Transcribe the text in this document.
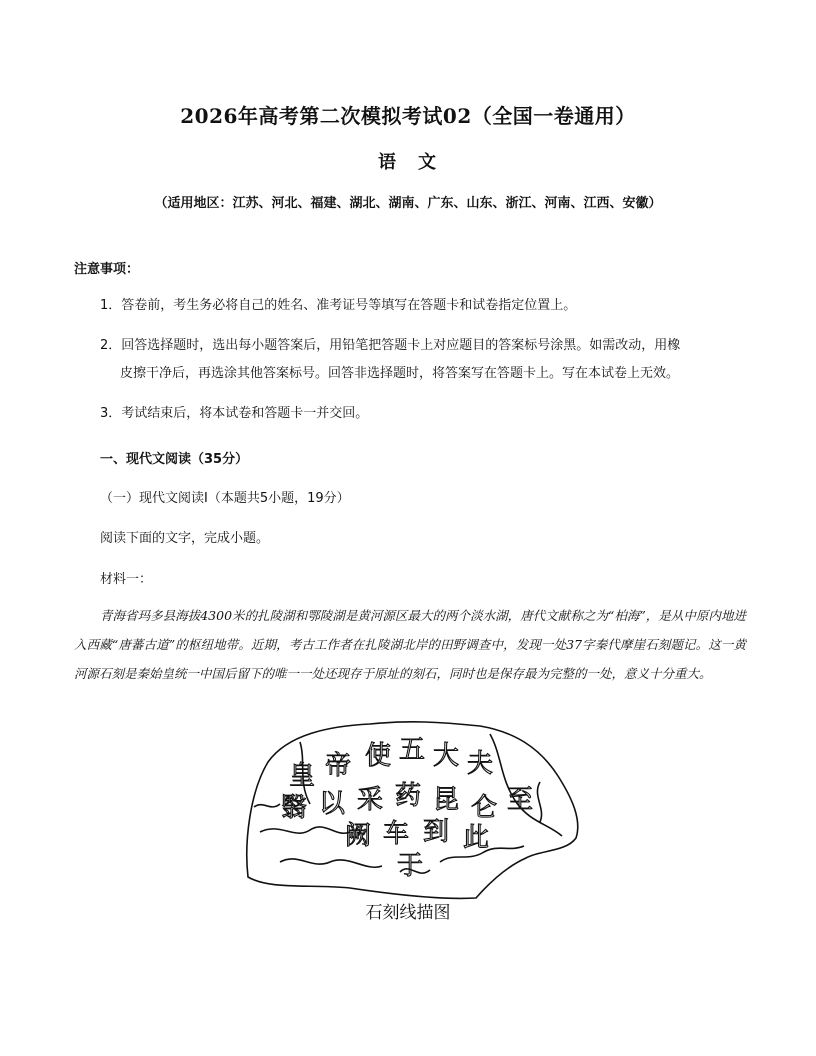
2026年高考第二次模拟考试02（全国一卷通用）
语　文
（适用地区：江苏、河北、福建、湖北、湖南、广东、山东、浙江、河南、江西、安徽）
注意事项：
1．答卷前，考生务必将自己的姓名、准考证号等填写在答题卡和试卷指定位置上。
2．回答选择题时，选出每小题答案后，用铅笔把答题卡上对应题目的答案标号涂黑。如需改动，用橡
皮擦干净后，再选涂其他答案标号。回答非选择题时，将答案写在答题卡上。写在本试卷上无效。
3．考试结束后，将本试卷和答题卡一并交回。
一、现代文阅读（35分）
（一）现代文阅读Ⅰ（本题共5小题，19分）
阅读下面的文字，完成小题。
材料一：
青海省玛多县海拔4300米的扎陵湖和鄂陵湖是黄河源区最大的两个淡水湖，唐代文献称之为“柏海”，是从中原内地进入西藏“唐蕃古道”的枢纽地带。近期，考古工作者在扎陵湖北岸的田野调查中，发现一处37字秦代摩崖石刻题记。这一黄河源石刻是秦始皇统一中国后留下的唯一一处还现存于原址的刻石，同时也是保存最为完整的一处，意义十分重大。
皇 帝 使 五 大 夫
翳 以 采 药 昆 仑 至
阙 车 到 此
于
石刻线描图
